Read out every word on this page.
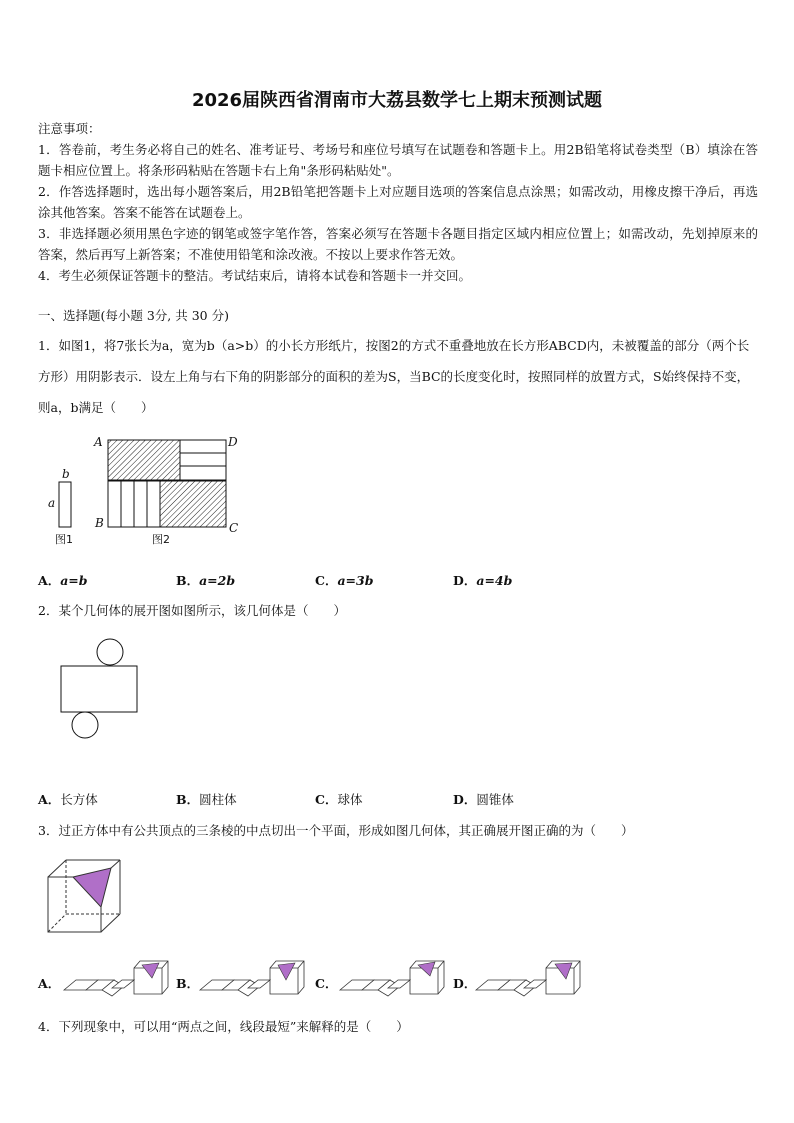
2026届陕西省渭南市大荔县数学七上期末预测试题

注意事项：

1．答卷前，考生务必将自己的姓名、准考证号、考场号和座位号填写在试题卷和答题卡上。用2B铅笔将试卷类型（B）填涂在答题卡相应位置上。将条形码粘贴在答题卡右上角"条形码粘贴处"。

2．作答选择题时，选出每小题答案后，用2B铅笔把答题卡上对应题目选项的答案信息点涂黑；如需改动，用橡皮擦干净后，再选涂其他答案。答案不能答在试题卷上。

3．非选择题必须用黑色字迹的钢笔或签字笔作答，答案必须写在答题卡各题目指定区域内相应位置上；如需改动，先划掉原来的答案，然后再写上新答案；不准使用铅笔和涂改液。不按以上要求作答无效。

4．考生必须保证答题卡的整洁。考试结束后，请将本试卷和答题卡一并交回。

一、选择题(每小题 3分, 共 30 分)
1．如图1，将7张长为a，宽为b（a>b）的小长方形纸片，按图2的方式不重叠地放在长方形ABCD内，未被覆盖的部分（两个长方形）用阴影表示．设左上角与右下角的阴影部分的面积的差为S，当BC的长度变化时，按照同样的放置方式，S始终保持不变，则a，b满足（　　）
b
a
图1
A	D
B	C
图2
A．a=b	B．a=2b	C．a=3b	D．a=4b
2．某个几何体的展开图如图所示，该几何体是（　　）
A．长方体	B．圆柱体	C．球体	D．圆锥体
3．过正方体中有公共顶点的三条棱的中点切出一个平面，形成如图几何体，其正确展开图正确的为（　　）
A．	B．	C．	D．
4．下列现象中，可以用“两点之间，线段最短”来解释的是（　　）
